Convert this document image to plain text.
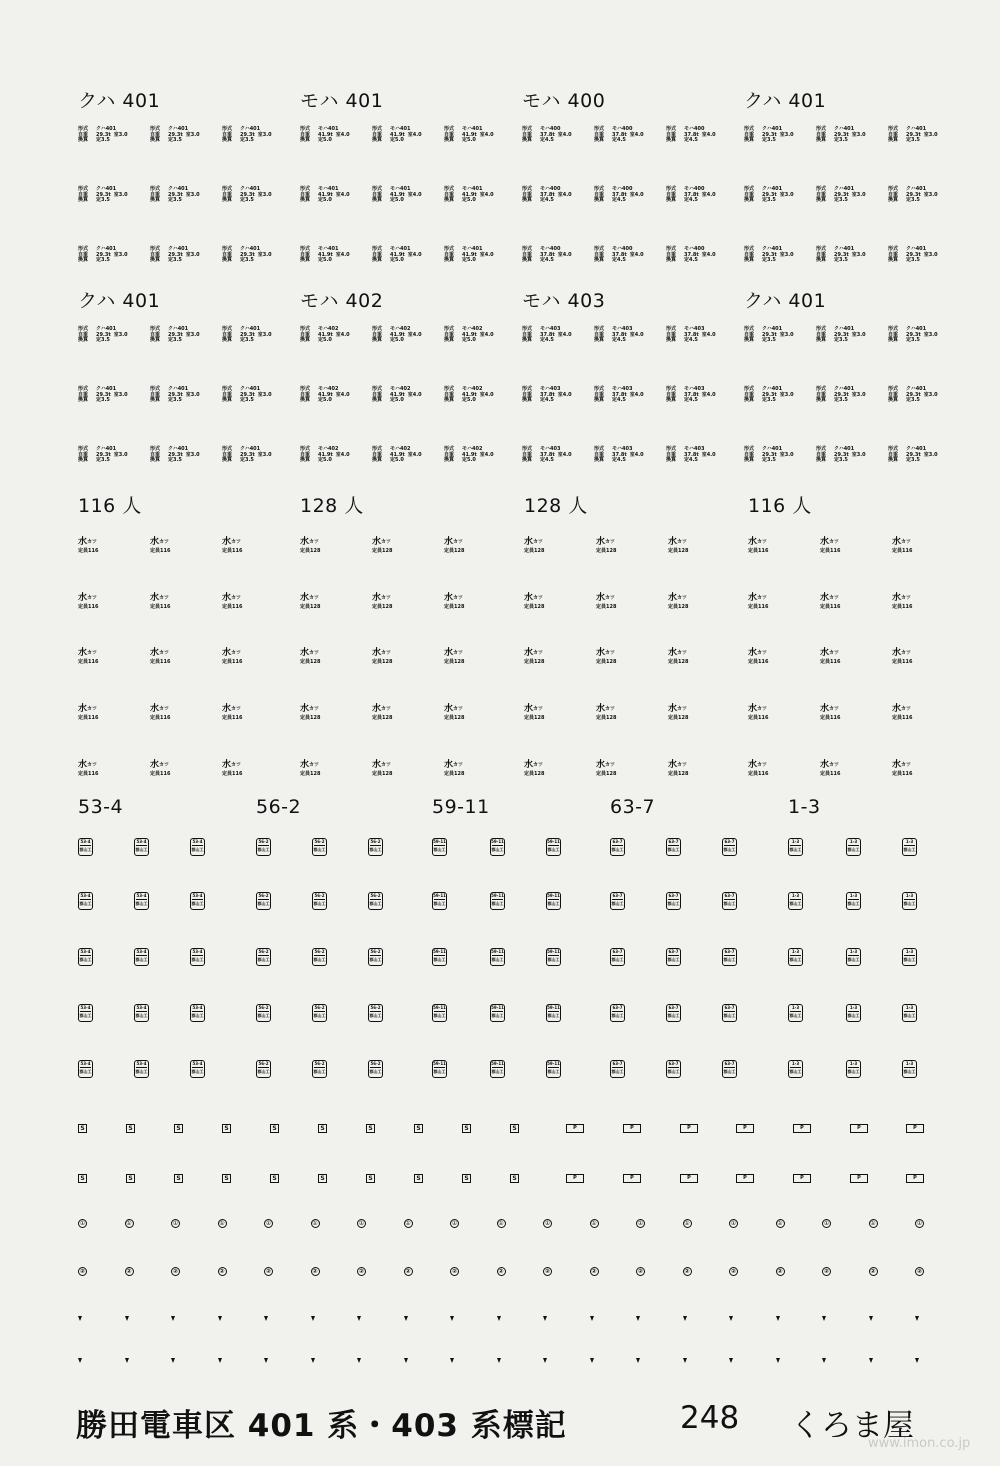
クハ 401
形式	クハ401
自重	29.3t 室3.0
換算	定3.5
形式	クハ401
自重	29.3t 室3.0
換算	定3.5
形式	クハ401
自重	29.3t 室3.0
換算	定3.5
形式	クハ401
自重	29.3t 室3.0
換算	定3.5
形式	クハ401
自重	29.3t 室3.0
換算	定3.5
形式	クハ401
自重	29.3t 室3.0
換算	定3.5
形式	クハ401
自重	29.3t 室3.0
換算	定3.5
形式	クハ401
自重	29.3t 室3.0
換算	定3.5
形式	クハ401
自重	29.3t 室3.0
換算	定3.5
モハ 401
形式	モハ401
自重	41.9t 室4.0
換算	定5.0
形式	モハ401
自重	41.9t 室4.0
換算	定5.0
形式	モハ401
自重	41.9t 室4.0
換算	定5.0
形式	モハ401
自重	41.9t 室4.0
換算	定5.0
形式	モハ401
自重	41.9t 室4.0
換算	定5.0
形式	モハ401
自重	41.9t 室4.0
換算	定5.0
形式	モハ401
自重	41.9t 室4.0
換算	定5.0
形式	モハ401
自重	41.9t 室4.0
換算	定5.0
形式	モハ401
自重	41.9t 室4.0
換算	定5.0
モハ 400
形式	モハ400
自重	37.8t 室4.0
換算	定4.5
形式	モハ400
自重	37.8t 室4.0
換算	定4.5
形式	モハ400
自重	37.8t 室4.0
換算	定4.5
形式	モハ400
自重	37.8t 室4.0
換算	定4.5
形式	モハ400
自重	37.8t 室4.0
換算	定4.5
形式	モハ400
自重	37.8t 室4.0
換算	定4.5
形式	モハ400
自重	37.8t 室4.0
換算	定4.5
形式	モハ400
自重	37.8t 室4.0
換算	定4.5
形式	モハ400
自重	37.8t 室4.0
換算	定4.5
クハ 401
形式	クハ401
自重	29.3t 室3.0
換算	定3.5
形式	クハ401
自重	29.3t 室3.0
換算	定3.5
形式	クハ401
自重	29.3t 室3.0
換算	定3.5
形式	クハ401
自重	29.3t 室3.0
換算	定3.5
形式	クハ401
自重	29.3t 室3.0
換算	定3.5
形式	クハ401
自重	29.3t 室3.0
換算	定3.5
形式	クハ401
自重	29.3t 室3.0
換算	定3.5
形式	クハ401
自重	29.3t 室3.0
換算	定3.5
形式	クハ401
自重	29.3t 室3.0
換算	定3.5
クハ 401
形式	クハ401
自重	29.3t 室3.0
換算	定3.5
形式	クハ401
自重	29.3t 室3.0
換算	定3.5
形式	クハ401
自重	29.3t 室3.0
換算	定3.5
形式	クハ401
自重	29.3t 室3.0
換算	定3.5
形式	クハ401
自重	29.3t 室3.0
換算	定3.5
形式	クハ401
自重	29.3t 室3.0
換算	定3.5
形式	クハ401
自重	29.3t 室3.0
換算	定3.5
形式	クハ401
自重	29.3t 室3.0
換算	定3.5
形式	クハ401
自重	29.3t 室3.0
換算	定3.5
モハ 402
形式	モハ402
自重	41.9t 室4.0
換算	定5.0
形式	モハ402
自重	41.9t 室4.0
換算	定5.0
形式	モハ402
自重	41.9t 室4.0
換算	定5.0
形式	モハ402
自重	41.9t 室4.0
換算	定5.0
形式	モハ402
自重	41.9t 室4.0
換算	定5.0
形式	モハ402
自重	41.9t 室4.0
換算	定5.0
形式	モハ402
自重	41.9t 室4.0
換算	定5.0
形式	モハ402
自重	41.9t 室4.0
換算	定5.0
形式	モハ402
自重	41.9t 室4.0
換算	定5.0
モハ 403
形式	モハ403
自重	37.8t 室4.0
換算	定4.5
形式	モハ403
自重	37.8t 室4.0
換算	定4.5
形式	モハ403
自重	37.8t 室4.0
換算	定4.5
形式	モハ403
自重	37.8t 室4.0
換算	定4.5
形式	モハ403
自重	37.8t 室4.0
換算	定4.5
形式	モハ403
自重	37.8t 室4.0
換算	定4.5
形式	モハ403
自重	37.8t 室4.0
換算	定4.5
形式	モハ403
自重	37.8t 室4.0
換算	定4.5
形式	モハ403
自重	37.8t 室4.0
換算	定4.5
クハ 401
形式	クハ401
自重	29.3t 室3.0
換算	定3.5
形式	クハ401
自重	29.3t 室3.0
換算	定3.5
形式	クハ401
自重	29.3t 室3.0
換算	定3.5
形式	クハ401
自重	29.3t 室3.0
換算	定3.5
形式	クハ401
自重	29.3t 室3.0
換算	定3.5
形式	クハ401
自重	29.3t 室3.0
換算	定3.5
形式	クハ401
自重	29.3t 室3.0
換算	定3.5
形式	クハ401
自重	29.3t 室3.0
換算	定3.5
形式	クハ401
自重	29.3t 室3.0
換算	定3.5
116 人
水$^{カツ}$
定員116
水$^{カツ}$
定員116
水$^{カツ}$
定員116
水$^{カツ}$
定員116
水$^{カツ}$
定員116
水$^{カツ}$
定員116
水$^{カツ}$
定員116
水$^{カツ}$
定員116
水$^{カツ}$
定員116
水$^{カツ}$
定員116
水$^{カツ}$
定員116
水$^{カツ}$
定員116
水$^{カツ}$
定員116
水$^{カツ}$
定員116
水$^{カツ}$
定員116
128 人
水$^{カツ}$
定員128
水$^{カツ}$
定員128
水$^{カツ}$
定員128
水$^{カツ}$
定員128
水$^{カツ}$
定員128
水$^{カツ}$
定員128
水$^{カツ}$
定員128
水$^{カツ}$
定員128
水$^{カツ}$
定員128
水$^{カツ}$
定員128
水$^{カツ}$
定員128
水$^{カツ}$
定員128
水$^{カツ}$
定員128
水$^{カツ}$
定員128
水$^{カツ}$
定員128
128 人
水$^{カツ}$
定員128
水$^{カツ}$
定員128
水$^{カツ}$
定員128
水$^{カツ}$
定員128
水$^{カツ}$
定員128
水$^{カツ}$
定員128
水$^{カツ}$
定員128
水$^{カツ}$
定員128
水$^{カツ}$
定員128
水$^{カツ}$
定員128
水$^{カツ}$
定員128
水$^{カツ}$
定員128
水$^{カツ}$
定員128
水$^{カツ}$
定員128
水$^{カツ}$
定員128
116 人
水$^{カツ}$
定員116
水$^{カツ}$
定員116
水$^{カツ}$
定員116
水$^{カツ}$
定員116
水$^{カツ}$
定員116
水$^{カツ}$
定員116
水$^{カツ}$
定員116
水$^{カツ}$
定員116
水$^{カツ}$
定員116
水$^{カツ}$
定員116
水$^{カツ}$
定員116
水$^{カツ}$
定員116
水$^{カツ}$
定員116
水$^{カツ}$
定員116
水$^{カツ}$
定員116
53-4
53-4
郡山工
53-4
郡山工
53-4
郡山工
53-4
郡山工
53-4
郡山工
53-4
郡山工
53-4
郡山工
53-4
郡山工
53-4
郡山工
53-4
郡山工
53-4
郡山工
53-4
郡山工
53-4
郡山工
53-4
郡山工
53-4
郡山工
56-2
56-2
郡山工
56-2
郡山工
56-2
郡山工
56-2
郡山工
56-2
郡山工
56-2
郡山工
56-2
郡山工
56-2
郡山工
56-2
郡山工
56-2
郡山工
56-2
郡山工
56-2
郡山工
56-2
郡山工
56-2
郡山工
56-2
郡山工
59-11
59-11
郡山工
59-11
郡山工
59-11
郡山工
59-11
郡山工
59-11
郡山工
59-11
郡山工
59-11
郡山工
59-11
郡山工
59-11
郡山工
59-11
郡山工
59-11
郡山工
59-11
郡山工
59-11
郡山工
59-11
郡山工
59-11
郡山工
63-7
63-7
郡山工
63-7
郡山工
63-7
郡山工
63-7
郡山工
63-7
郡山工
63-7
郡山工
63-7
郡山工
63-7
郡山工
63-7
郡山工
63-7
郡山工
63-7
郡山工
63-7
郡山工
63-7
郡山工
63-7
郡山工
63-7
郡山工
1-3
1-3
郡山工
1-3
郡山工
1-3
郡山工
1-3
郡山工
1-3
郡山工
1-3
郡山工
1-3
郡山工
1-3
郡山工
1-3
郡山工
1-3
郡山工
1-3
郡山工
1-3
郡山工
1-3
郡山工
1-3
郡山工
1-3
郡山工
S	S	S	S	S	S	S	S	S	S
S	S	S	S	S	S	S	S	S	S
P	P	P	P	P	P	P
P	P	P	P	P	P	P
①
②
①
②
①
②
①
②
①
②
①
②
①
②
①
②
①
②
①
②
①
②
①
②
①
②
①
②
①
②
①
②
①
②
①
②
①
②
勝田電車区 401 系・403 系標記	248 くろま屋
www.imon.co.jp
